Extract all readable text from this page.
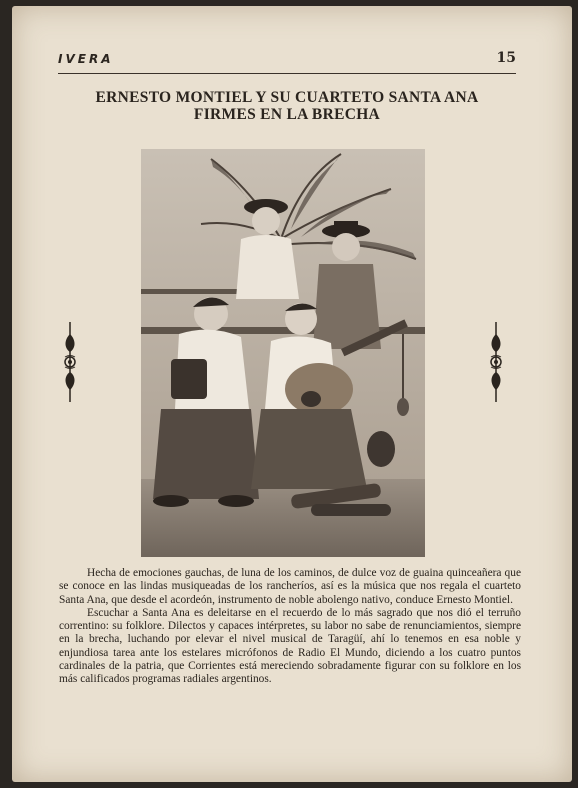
IVERA	15
ERNESTO MONTIEL Y SU CUARTETO SANTA ANA
FIRMES EN LA BRECHA

Hecha de emociones gauchas, de luna de los caminos, de dulce voz de guaina quinceañera que se conoce en las lindas musiqueadas de los rancheríos, así es la música que nos regala el cuarteto Santa Ana, que desde el acordeón, instrumento de noble abolengo nativo, conduce Ernesto Montiel.

Escuchar a Santa Ana es deleitarse en el recuerdo de lo más sagrado que nos dió el terruño correntino: su folklore. Dilectos y capaces intérpretes, su labor no sabe de renunciamientos, siempre en la brecha, luchando por elevar el nivel musical de Taragüí, ahí lo tenemos en esa noble y enjundiosa tarea ante los estelares micrófonos de Radio El Mundo, diciendo a los cuatro puntos cardinales de la patria, que Corrientes está mereciendo sobradamente figurar con su folklore en los más calificados programas radiales argentinos.
